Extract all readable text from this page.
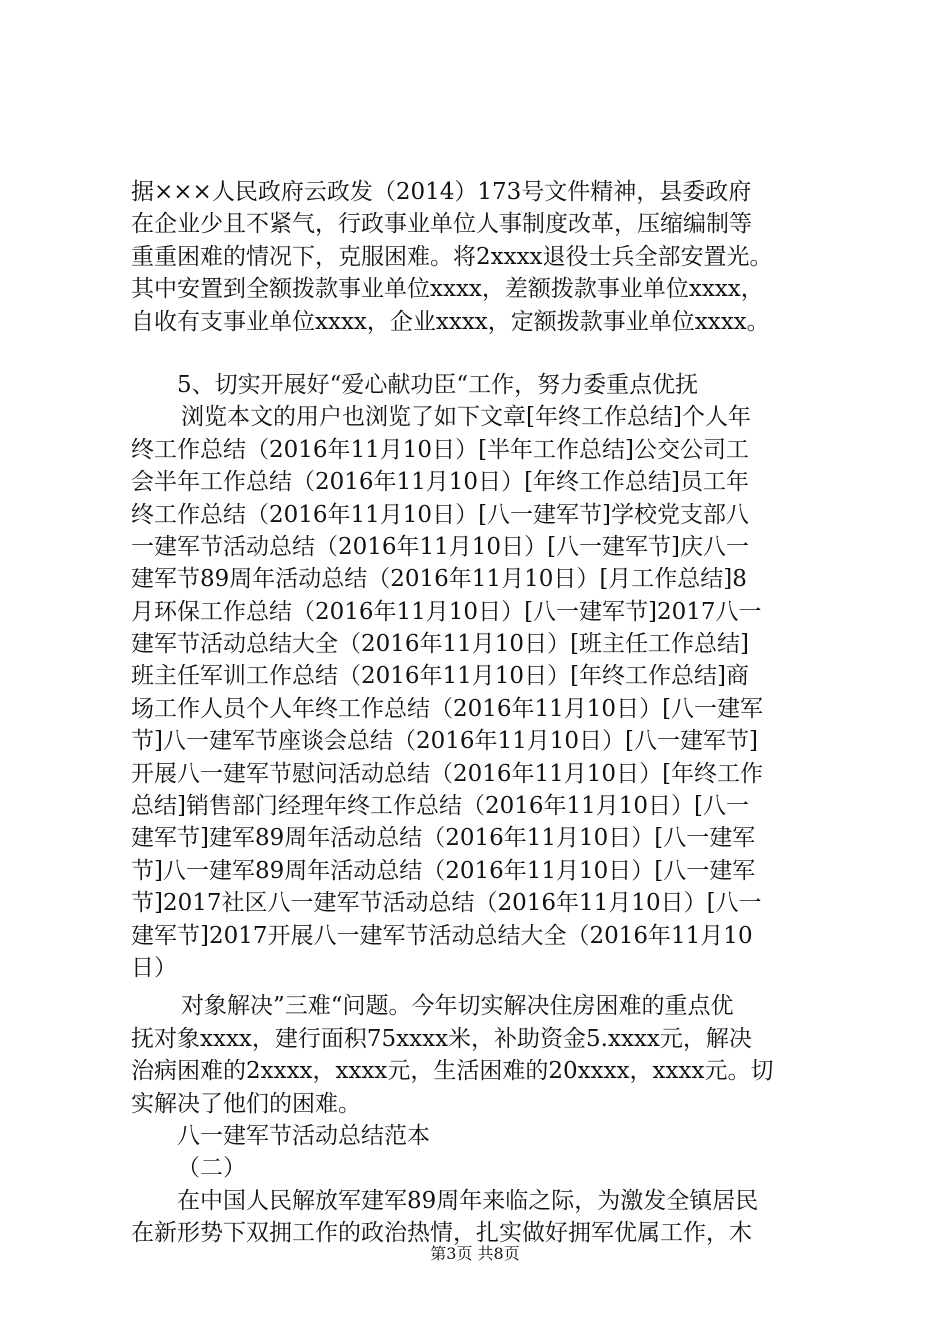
据×××人民政府云政发（2014）173号文件精神，县委政府
在企业少且不紧气，行政事业单位人事制度改革，压缩编制等
重重困难的情况下，克服困难。将2xxxx退役士兵全部安置光。
其中安置到全额拨款事业单位xxxx，差额拨款事业单位xxxx，
自收有支事业单位xxxx，企业xxxx，定额拨款事业单位xxxx。
5、切实开展好“爱心献功臣“工作，努力委重点优抚
浏览本文的用户也浏览了如下文章[年终工作总结]个人年
终工作总结（2016年11月10日）[半年工作总结]公交公司工
会半年工作总结（2016年11月10日）[年终工作总结]员工年
终工作总结（2016年11月10日）[八一建军节]学校党支部八
一建军节活动总结（2016年11月10日）[八一建军节]庆八一
建军节89周年活动总结（2016年11月10日）[月工作总结]8
月环保工作总结（2016年11月10日）[八一建军节]2017八一
建军节活动总结大全（2016年11月10日）[班主任工作总结]
班主任军训工作总结（2016年11月10日）[年终工作总结]商
场工作人员个人年终工作总结（2016年11月10日）[八一建军
节]八一建军节座谈会总结（2016年11月10日）[八一建军节]
开展八一建军节慰问活动总结（2016年11月10日）[年终工作
总结]销售部门经理年终工作总结（2016年11月10日）[八一
建军节]建军89周年活动总结（2016年11月10日）[八一建军
节]八一建军89周年活动总结（2016年11月10日）[八一建军
节]2017社区八一建军节活动总结（2016年11月10日）[八一
建军节]2017开展八一建军节活动总结大全（2016年11月10
日）
对象解决”三难“问题。今年切实解决住房困难的重点优
抚对象xxxx，建行面积75xxxx米，补助资金5.xxxx元，解决
治病困难的2xxxx，xxxx元，生活困难的20xxxx，xxxx元。切
实解决了他们的困难。
八一建军节活动总结范本
（二）
在中国人民解放军建军89周年来临之际，为激发全镇居民
在新形势下双拥工作的政治热情，扎实做好拥军优属工作，木
第3页 共8页
